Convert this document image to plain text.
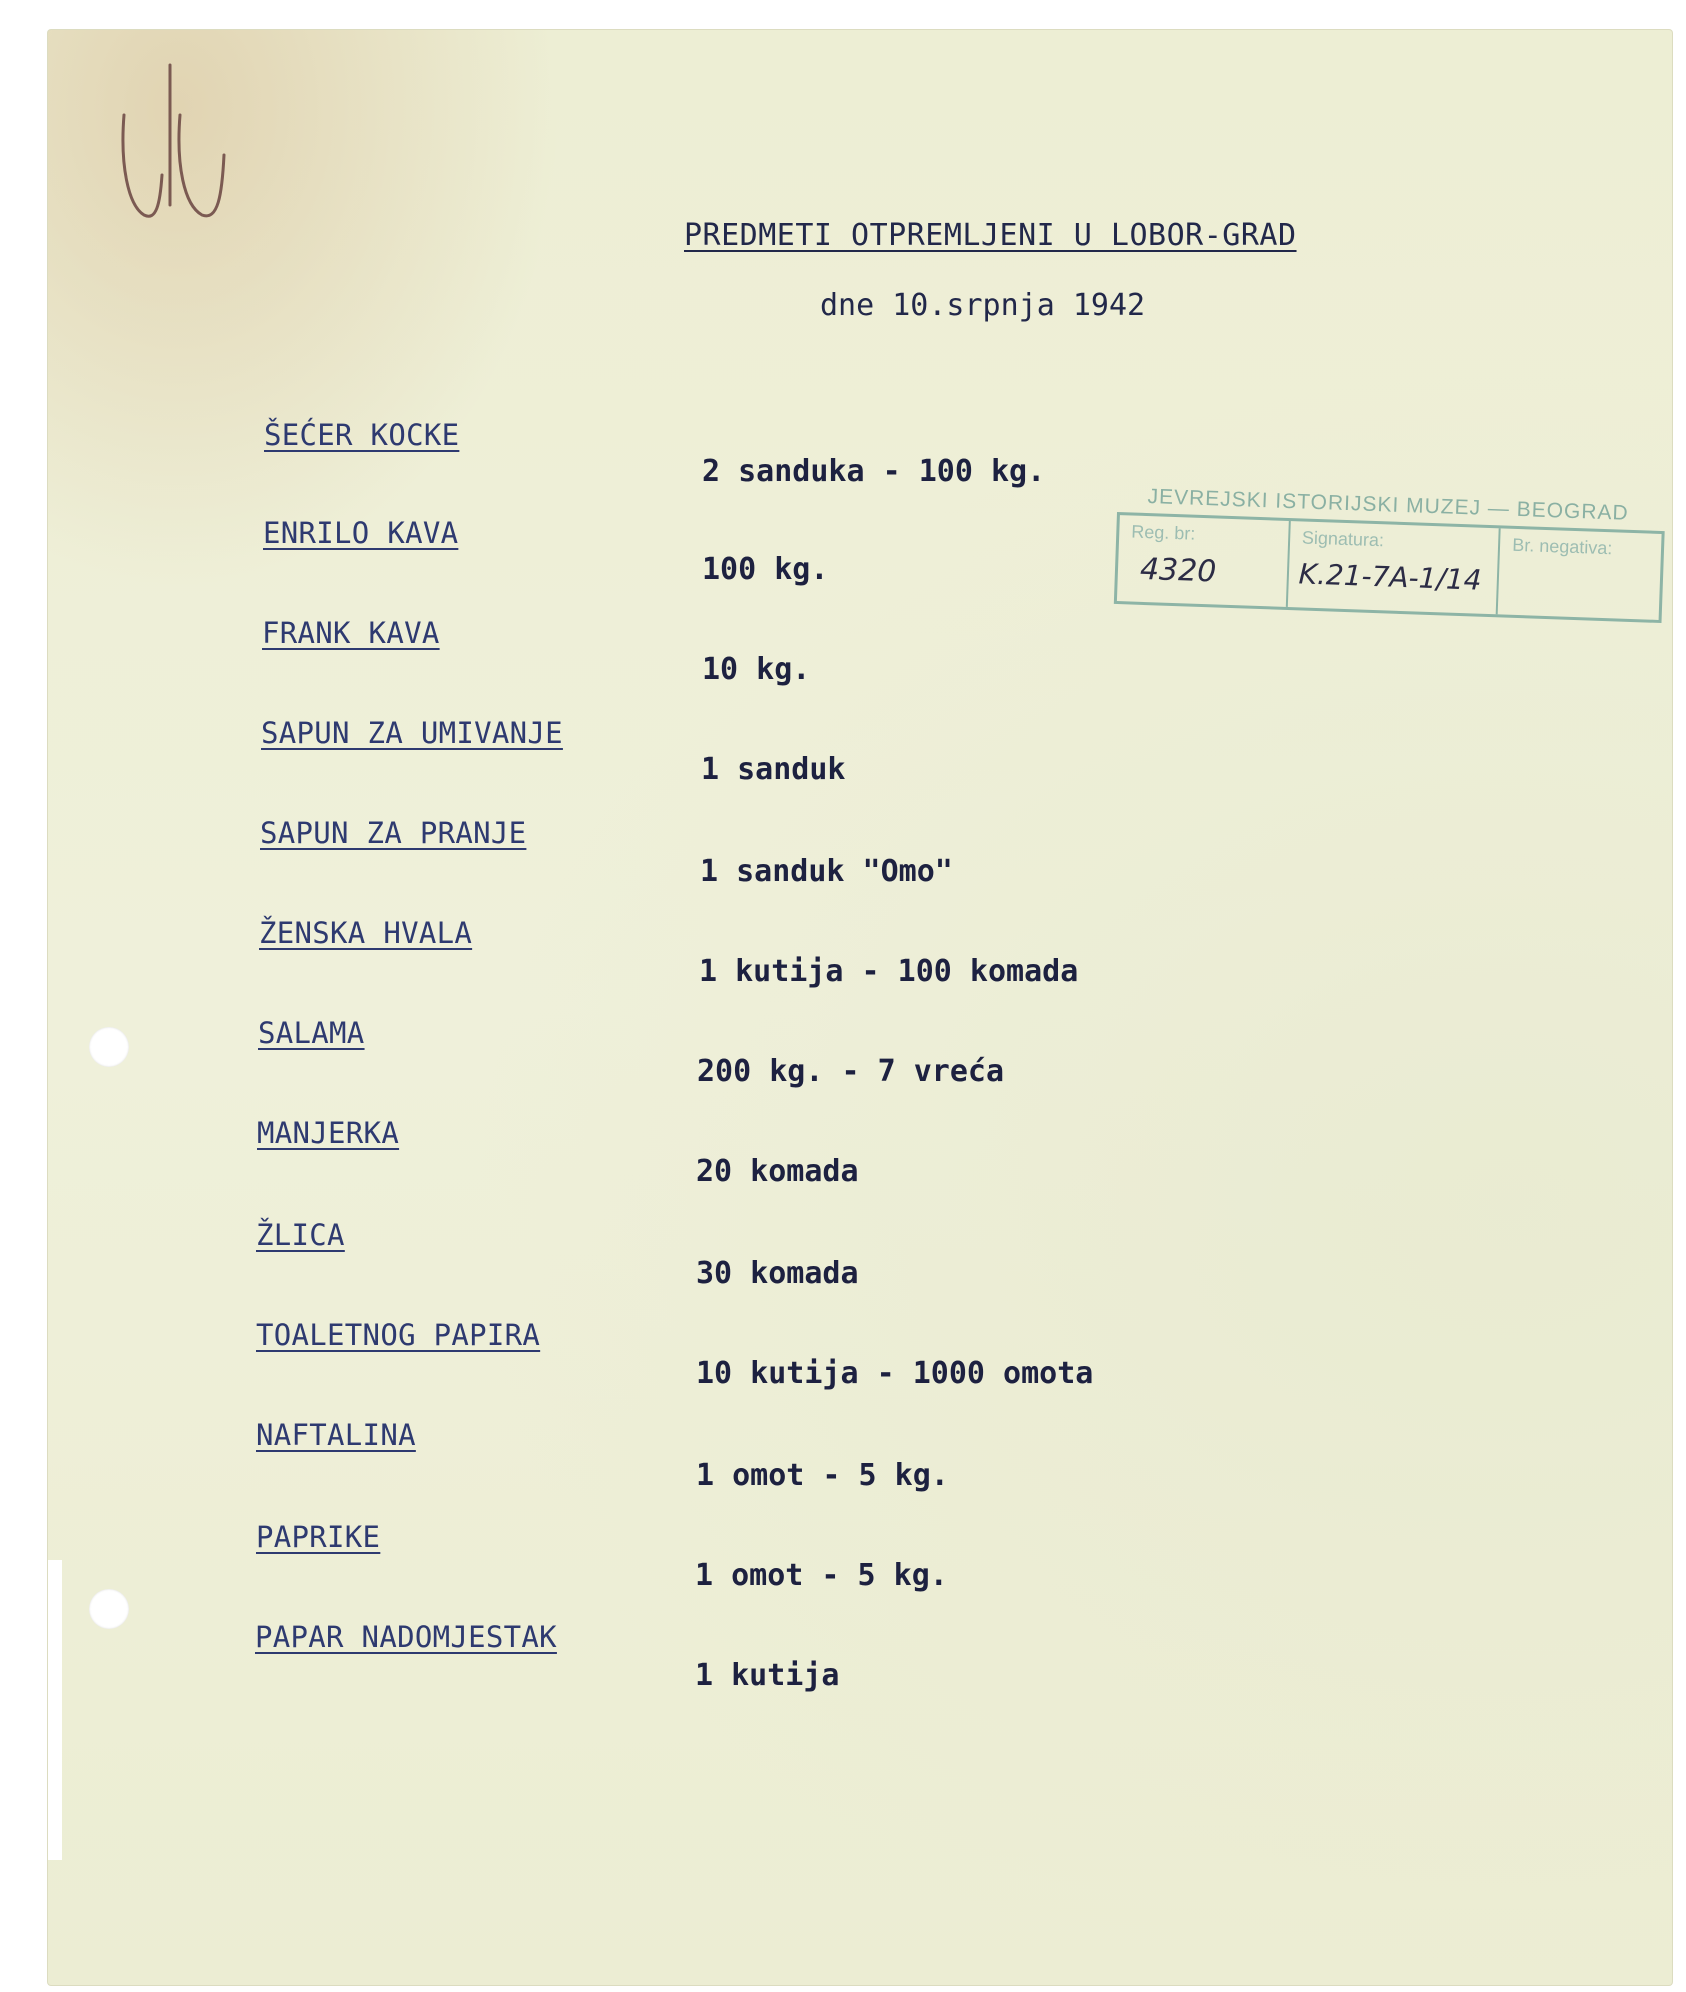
PREDMETI OTPREMLJENI U LOBOR-GRAD
dne 10.srpnja 1942
ŠEĆER KOCKE
2 sanduka - 100 kg.
ENRILO KAVA
100 kg.
FRANK KAVA
10 kg.
SAPUN ZA UMIVANJE
1 sanduk
SAPUN ZA PRANJE
1 sanduk "Omo"
ŽENSKA HVALA
1 kutija - 100 komada
SALAMA
200 kg. - 7 vreća
MANJERKA
20 komada
ŽLICA
30 komada
TOALETNOG PAPIRA
10 kutija - 1000 omota
NAFTALINA
1 omot - 5 kg.
PAPRIKE
1 omot - 5 kg.
PAPAR NADOMJESTAK
1 kutija
JEVREJSKI ISTORIJSKI MUZEJ — BEOGRAD
Reg. br:
4320
Signatura:
K.21-7A-1/14
Br. negativa:
